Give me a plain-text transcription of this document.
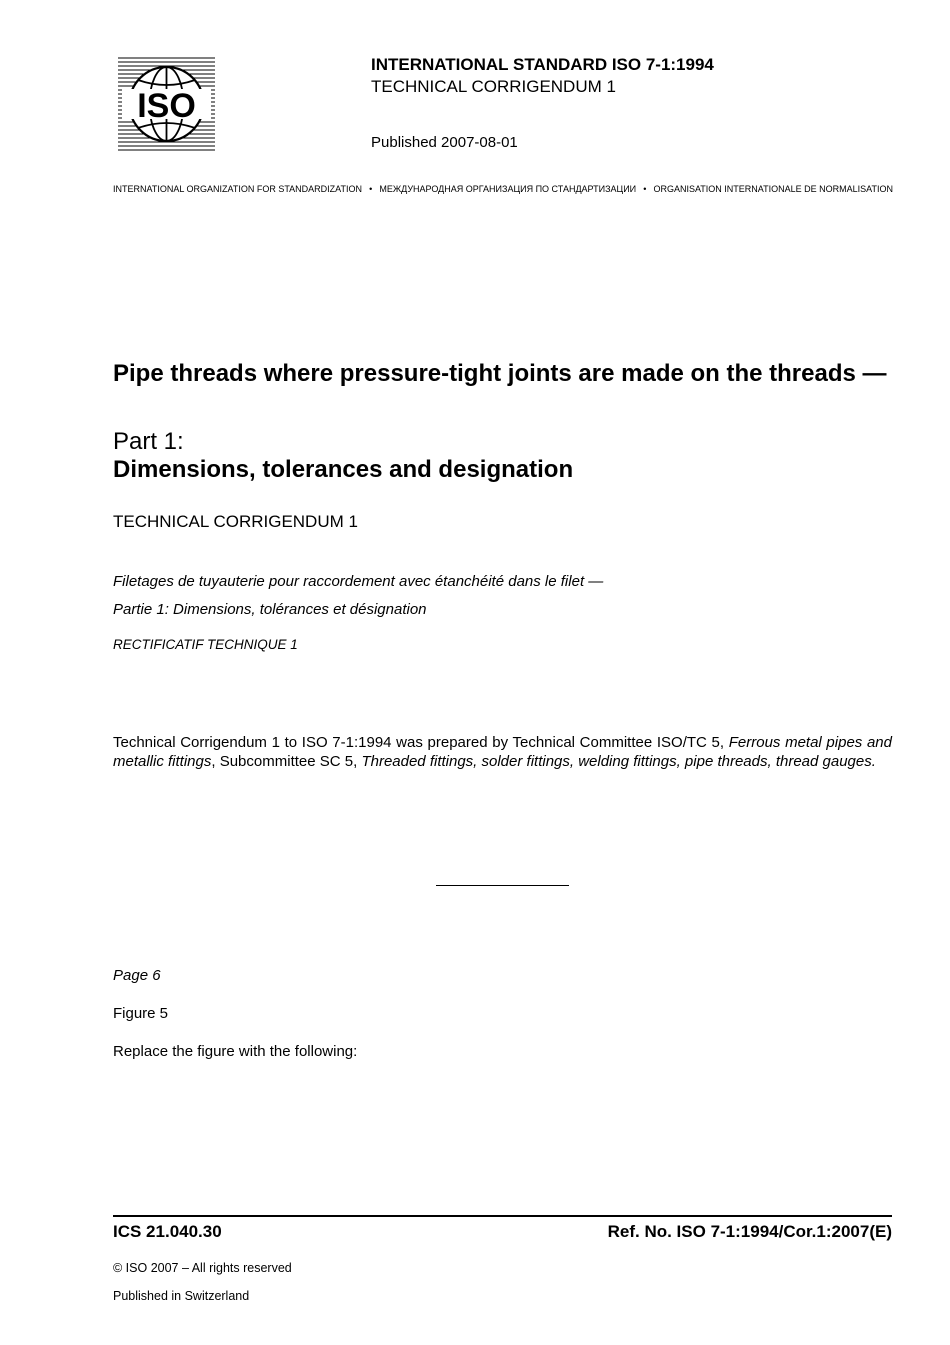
ISO
INTERNATIONAL STANDARD ISO 7-1:1994
TECHNICAL CORRIGENDUM 1
Published 2007-08-01
INTERNATIONAL ORGANIZATION FOR STANDARDIZATION • МЕЖДУНАРОДНАЯ ОРГАНИЗАЦИЯ ПО СТАНДАРТИЗАЦИИ • ORGANISATION INTERNATIONALE DE NORMALISATION
Pipe threads where pressure-tight joints are made on the threads —
Part 1:
Dimensions, tolerances and designation
TECHNICAL CORRIGENDUM 1
Filetages de tuyauterie pour raccordement avec étanchéité dans le filet —
Partie 1: Dimensions, tolérances et désignation
RECTIFICATIF TECHNIQUE 1
Technical Corrigendum 1 to ISO 7-1:1994 was prepared by Technical Committee ISO/TC 5, Ferrous metal pipes and metallic fittings, Subcommittee SC 5, Threaded fittings, solder fittings, welding fittings, pipe threads, thread gauges.
Page 6
Figure 5
Replace the figure with the following:
ICS 21.040.30	Ref. No. ISO 7-1:1994/Cor.1:2007(E)
© ISO 2007 – All rights reserved
Published in Switzerland
